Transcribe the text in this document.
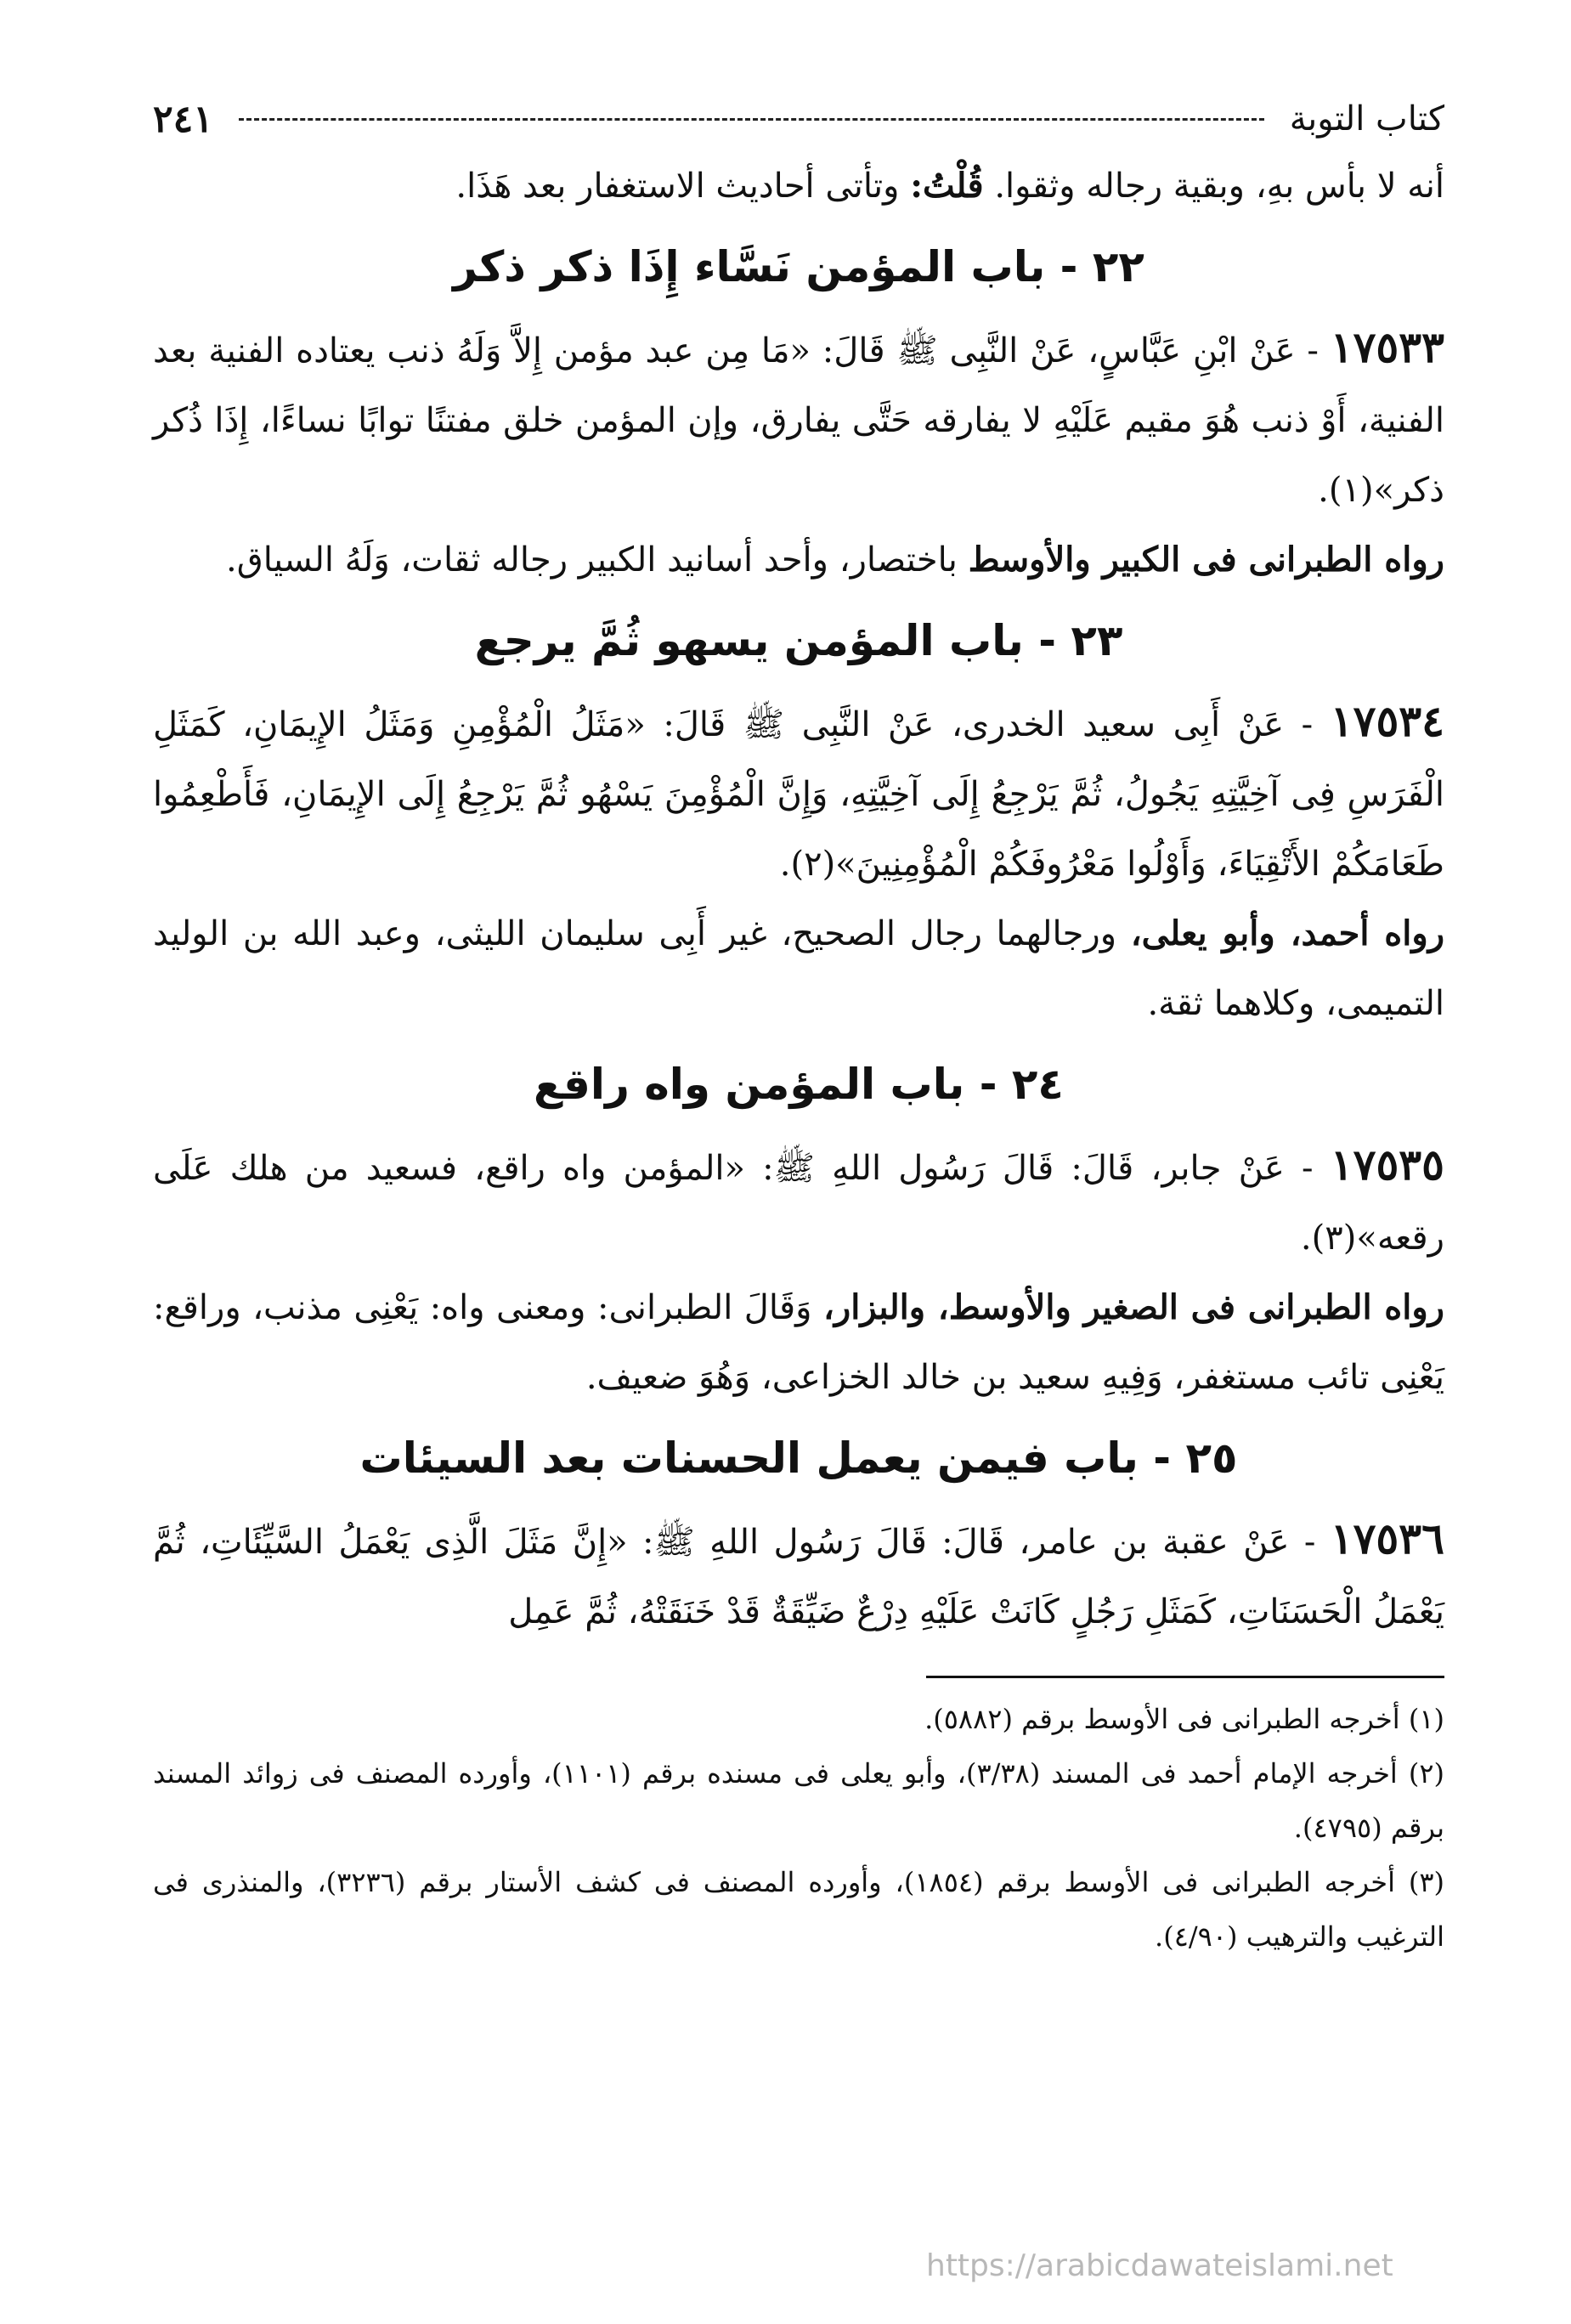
كتاب التوبة
٢٤١

أنه لا بأس بهِ، وبقية رجاله وثقوا. قُلْتُ: وتأتى أحاديث الاستغفار بعد هَذَا.

٢٢ - باب المؤمن نَسَّاء إِذَا ذكر ذكر

١٧٥٣٣ - عَنْ ابْنِ عَبَّاسٍ، عَنْ النَّبِى ﷺ قَالَ: «مَا مِن عبد مؤمن إِلاَّ وَلَهُ ذنب يعتاده الفنية بعد الفنية، أَوْ ذنب هُوَ مقيم عَلَيْهِ لا يفارقه حَتَّى يفارق، وإن المؤمن خلق مفتنًا توابًا نساءًا، إِذَا ذُكر ذكر»(١).

رواه الطبرانى فى الكبير والأوسط باختصار، وأحد أسانيد الكبير رجاله ثقات، وَلَهُ السياق.

٢٣ - باب المؤمن يسهو ثُمَّ يرجع

١٧٥٣٤ - عَنْ أَبِى سعيد الخدرى، عَنْ النَّبِى ﷺ قَالَ: «مَثَلُ الْمُؤْمِنِ وَمَثَلُ الإِيمَانِ، كَمَثَلِ الْفَرَسِ فِى آخِيَّتِهِ يَجُولُ، ثُمَّ يَرْجِعُ إِلَى آخِيَّتِهِ، وَإِنَّ الْمُؤْمِنَ يَسْهُو ثُمَّ يَرْجِعُ إِلَى الإِيمَانِ، فَأَطْعِمُوا طَعَامَكُمْ الأَتْقِيَاءَ، وَأَوْلُوا مَعْرُوفَكُمْ الْمُؤْمِنِينَ»(٢).

رواه أحمد، وأبو يعلى، ورجالهما رجال الصحيح، غير أَبِى سليمان الليثى، وعبد الله بن الوليد التميمى، وكلاهما ثقة.

٢٤ - باب المؤمن واه راقع

١٧٥٣٥ - عَنْ جابر، قَالَ: قَالَ رَسُول اللهِ ﷺ: «المؤمن واه راقع، فسعيد من هلك عَلَى رقعه»(٣).

رواه الطبرانى فى الصغير والأوسط، والبزار، وَقَالَ الطبرانى: ومعنى واه: يَعْنِى مذنب، وراقع: يَعْنِى تائب مستغفر، وَفِيهِ سعيد بن خالد الخزاعى، وَهُوَ ضعيف.

٢٥ - باب فيمن يعمل الحسنات بعد السيئات

١٧٥٣٦ - عَنْ عقبة بن عامر، قَالَ: قَالَ رَسُول اللهِ ﷺ: «إِنَّ مَثَلَ الَّذِى يَعْمَلُ السَّيِّئَاتِ، ثُمَّ يَعْمَلُ الْحَسَنَاتِ، كَمَثَلِ رَجُلٍ كَانَتْ عَلَيْهِ دِرْعٌ ضَيِّقَةٌ قَدْ خَنَقَتْهُ، ثُمَّ عَمِل

(١) أخرجه الطبرانى فى الأوسط برقم (٥٨٨٢).

(٢) أخرجه الإمام أحمد فى المسند (٣/٣٨)، وأبو يعلى فى مسنده برقم (١١٠١)، وأورده المصنف فى زوائد المسند برقم (٤٧٩٥).

(٣) أخرجه الطبرانى فى الأوسط برقم (١٨٥٤)، وأورده المصنف فى كشف الأستار برقم (٣٢٣٦)، والمنذرى فى الترغيب والترهيب (٤/٩٠).

https://arabicdawateislami.net
